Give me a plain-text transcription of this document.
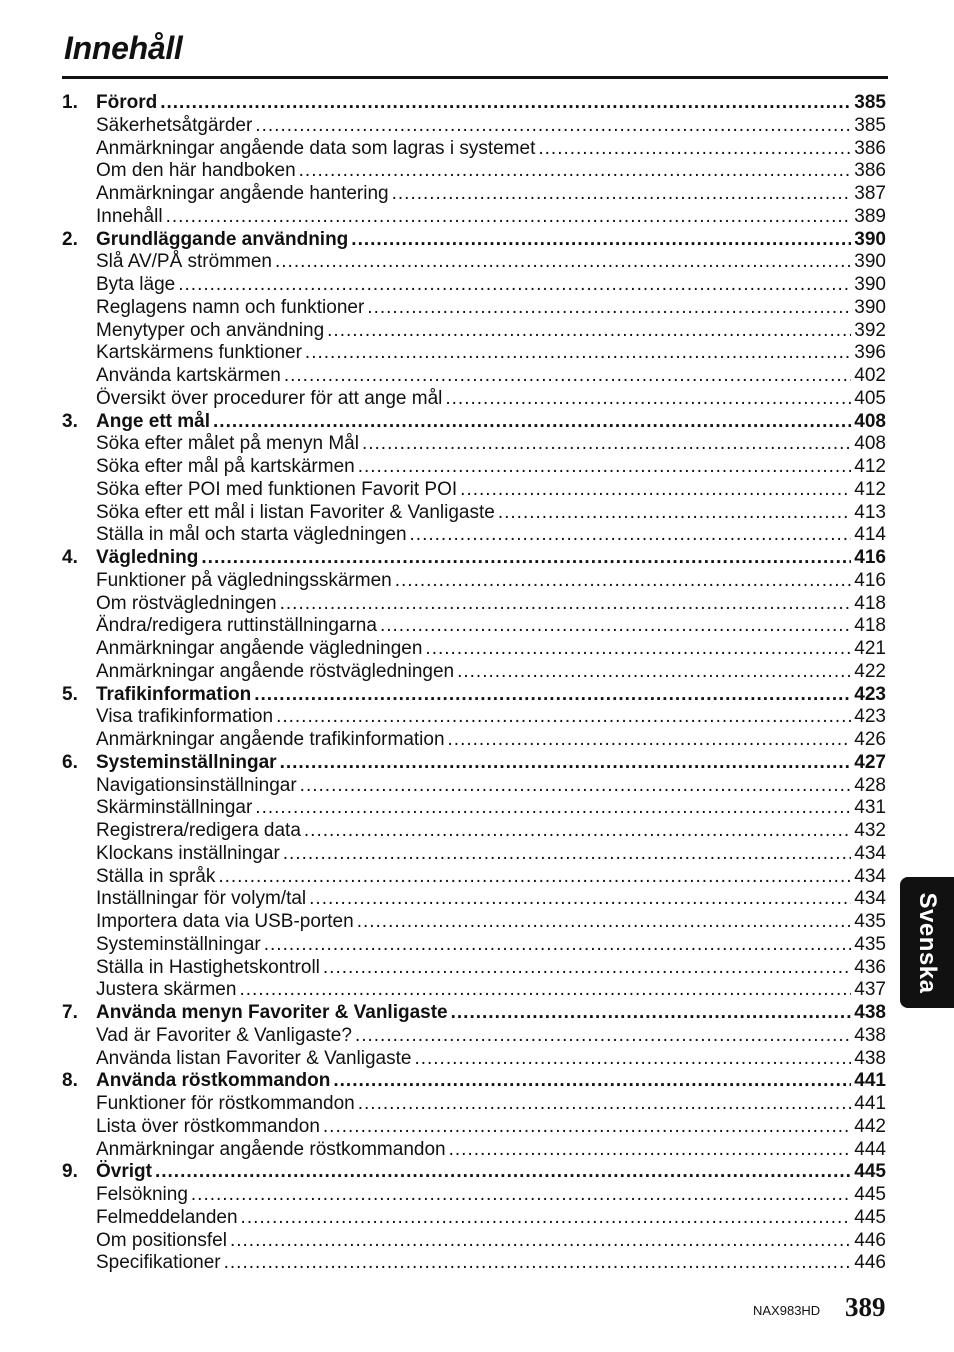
Innehåll
1. Förord .....	385
Säkerhetsåtgärder .....	385
Anmärkningar angående data som lagras i systemet .....	386
Om den här handboken .....	386
Anmärkningar angående hantering .....	387
Innehåll .....	389
2. Grundläggande användning .....	390
Slå AV/PÅ strömmen .....	390
Byta läge .....	390
Reglagens namn och funktioner .....	390
Menytyper och användning .....	392
Kartskärmens funktioner .....	396
Använda kartskärmen .....	402
Översikt över procedurer för att ange mål .....	405
3. Ange ett mål .....	408
Söka efter målet på menyn Mål .....	408
Söka efter mål på kartskärmen .....	412
Söka efter POI med funktionen Favorit POI .....	412
Söka efter ett mål i listan Favoriter & Vanligaste .....	413
Ställa in mål och starta vägledningen .....	414
4. Vägledning .....	416
Funktioner på vägledningsskärmen .....	416
Om röstvägledningen .....	418
Ändra/redigera ruttinställningarna .....	418
Anmärkningar angående vägledningen .....	421
Anmärkningar angående röstvägledningen .....	422
5. Trafikinformation .....	423
Visa trafikinformation .....	423
Anmärkningar angående trafikinformation .....	426
6. Systeminställningar .....	427
Navigationsinställningar .....	428
Skärminställningar .....	431
Registrera/redigera data .....	432
Klockans inställningar .....	434
Ställa in språk .....	434
Inställningar för volym/tal .....	434
Importera data via USB-porten .....	435
Systeminställningar .....	435
Ställa in Hastighetskontroll .....	436
Justera skärmen .....	437
7. Använda menyn Favoriter & Vanligaste .....	438
Vad är Favoriter & Vanligaste? .....	438
Använda listan Favoriter & Vanligaste .....	438
8. Använda röstkommandon .....	441
Funktioner för röstkommandon .....	441
Lista över röstkommandon .....	442
Anmärkningar angående röstkommandon .....	444
9. Övrigt .....	445
Felsökning .....	445
Felmeddelanden .....	445
Om positionsfel .....	446
Specifikationer .....	446
Svenska
NAX983HD 389
